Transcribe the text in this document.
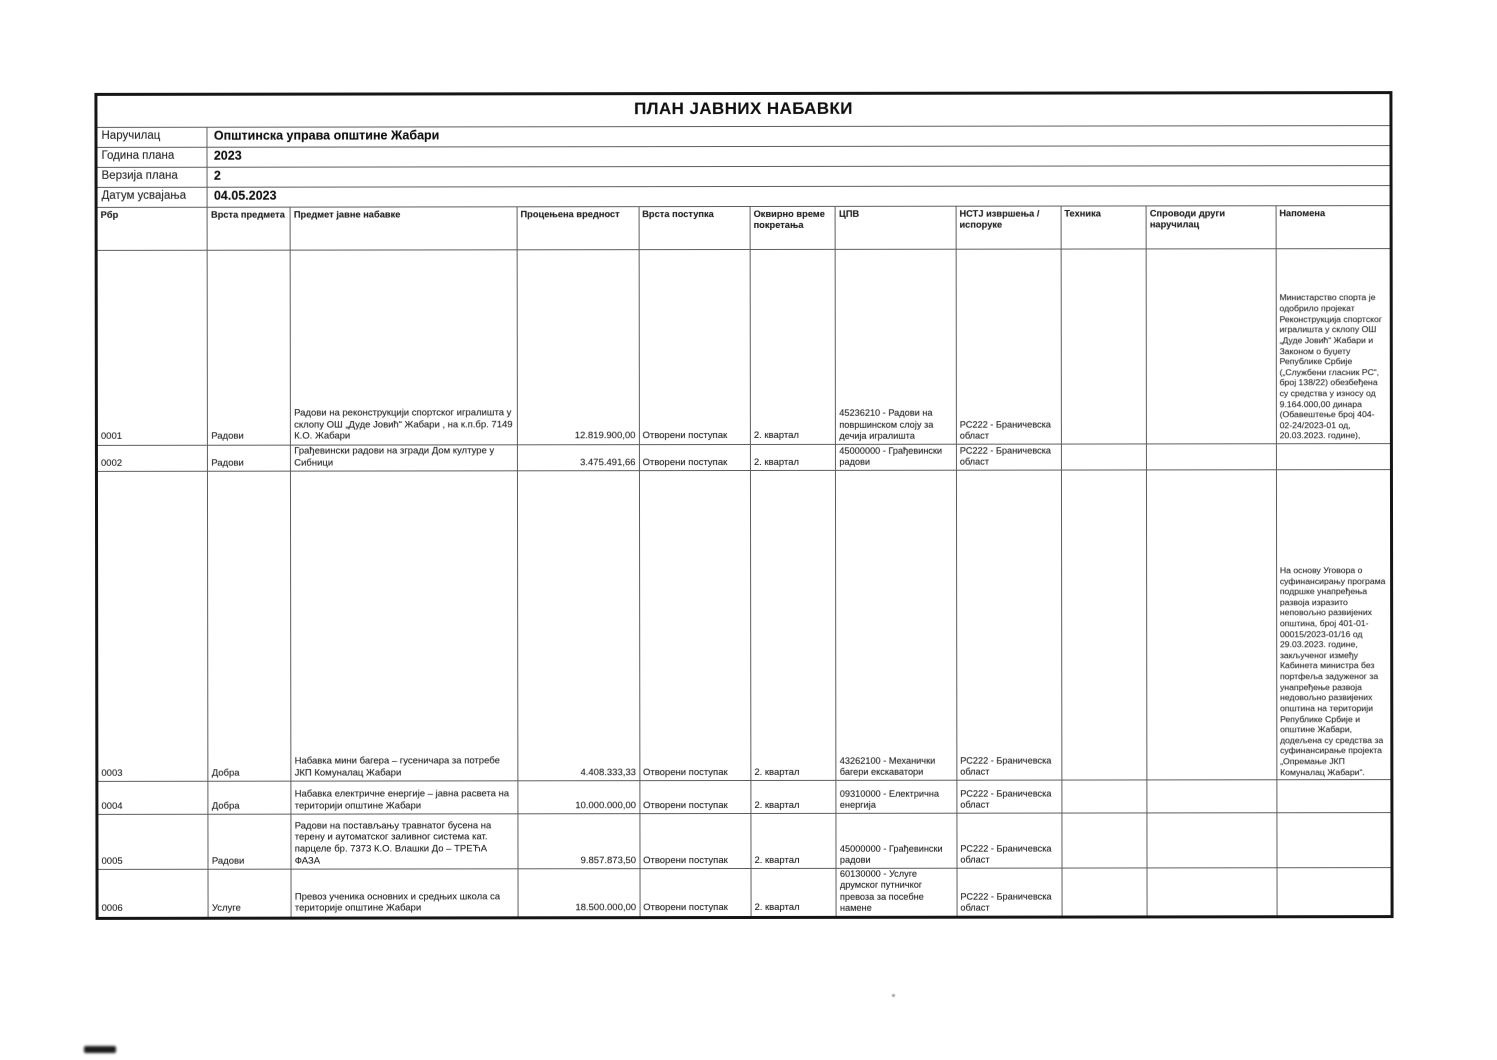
ПЛАН ЈАВНИХ НАБАВКИ										
Наручилац	Општинска управа општине Жабари									
Година плана	2023									
Верзија плана	2									
Датум усвајања	04.05.2023									
Рбр	Врста предмета	Предмет јавне набавке	Процењена вредност	Врста поступка	Оквирно време покретања	ЦПВ	НСТЈ извршења / испоруке	Техника	Спроводи други наручилац	Напомена
0001	Радови	Радови на реконструкцији спортског игралишта у склопу ОШ „Дуде Јовић“ Жабари , на к.п.бр. 7149 К.О. Жабари	12.819.900,00	Отворени поступак	2. квартал	45236210 - Радови на површинском слоју за дечија игралишта	РС222 - Браничевска област			Министарство спорта је одобрило пројекат Реконструкција спортског игралишта у склопу ОШ „Дуде Јовић“ Жабари и Законом о буџету Републике Србије („Службени гласник РС“, број 138/22) обезбеђена су средства у износу од 9.164.000,00 динара (Обавештење број 404-02-24/2023-01 од, 20.03.2023. године),
0002	Радови	Грађевински радови на згради Дом културе у Сибници	3.475.491,66	Отворени поступак	2. квартал	45000000 - Грађевински радови	РС222 - Браничевска област			
0003	Добра	Набавка мини багера – гусеничара за потребе ЈКП Комуналац Жабари	4.408.333,33	Отворени поступак	2. квартал	43262100 - Механички багери екскаватори	РС222 - Браничевска област			На основу Уговора о суфинансирању програма подршке унапређења развоја изразито неповољно развијених општина, број 401-01-00015/2023-01/16 од 29.03.2023. године, закљученог између Кабинета министра без портфеља задуженог за унапређење развоја недовољно развијених општина на територији Републике Србије и општине Жабари, додељена су средства за суфинансирање пројекта „Опремање ЈКП Комуналац Жабари“.
0004	Добра	Набавка електричне енергије – јавна расвета на територији општине Жабари	10.000.000,00	Отворени поступак	2. квартал	09310000 - Електрична енергија	РС222 - Браничевска област			
0005	Радови	Радови на постављању травнатог бусена на терену и аутоматског заливног система кат. парцеле бр. 7373 К.О. Влашки До – ТРЕЋА ФАЗА	9.857.873,50	Отворени поступак	2. квартал	45000000 - Грађевински радови	РС222 - Браничевска област			
0006	Услуге	Превоз ученика основних и средњих школа са територије општине Жабари	18.500.000,00	Отворени поступак	2. квартал	60130000 - Услуге друмског путничког превоза за посебне намене	РС222 - Браничевска област			
